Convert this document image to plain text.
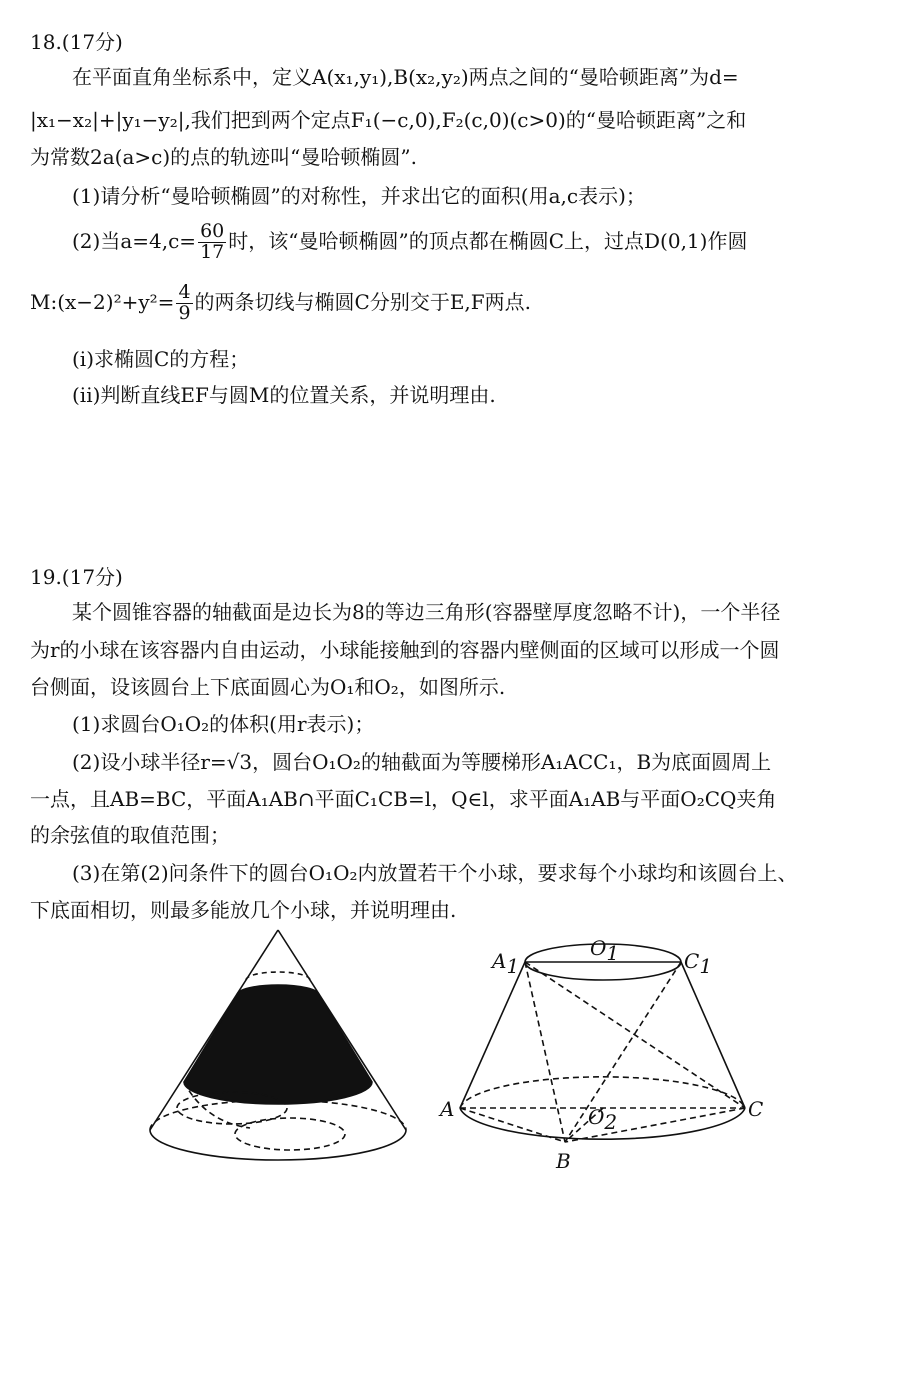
18.(17分)
在平面直角坐标系中，定义A(x₁,y₁),B(x₂,y₂)两点之间的“曼哈顿距离”为d=
|x₁−x₂|+|y₁−y₂|,我们把到两个定点F₁(−c,0),F₂(c,0)(c>0)的“曼哈顿距离”之和
为常数2a(a>c)的点的轨迹叫“曼哈顿椭圆”.
(1)请分析“曼哈顿椭圆”的对称性，并求出它的面积(用a,c表示)；
(2)当$a=4,c= \frac{60}{17}$ 时，该“曼哈顿椭圆”的顶点都在椭圆C上，过点D(0,1)作圆
M:(x−2)²+y²= $\frac{4}{9}$ 的两条切线与椭圆C分别交于E,F两点.
(i)求椭圆C的方程；
(ii)判断直线EF与圆M的位置关系，并说明理由.
19.(17分)
某个圆锥容器的轴截面是边长为8的等边三角形(容器壁厚度忽略不计)，一个半径
为r的小球在该容器内自由运动，小球能接触到的容器内壁侧面的区域可以形成一个圆
台侧面，设该圆台上下底面圆心为O₁和O₂，如图所示.
(1)求圆台O₁O₂的体积(用r表示)；
(2)设小球半径r=√3，圆台O₁O₂的轴截面为等腰梯形A₁ACC₁，B为底面圆周上
一点，且AB=BC，平面A₁AB∩平面C₁CB=l，Q∈l，求平面A₁AB与平面O₂CQ夹角
的余弦值的取值范围；
(3)在第(2)问条件下的圆台O₁O₂内放置若干个小球，要求每个小球均和该圆台上、
下底面相切，则最多能放几个小球，并说明理由.
A1
O1	C1
A	C
O2
B
